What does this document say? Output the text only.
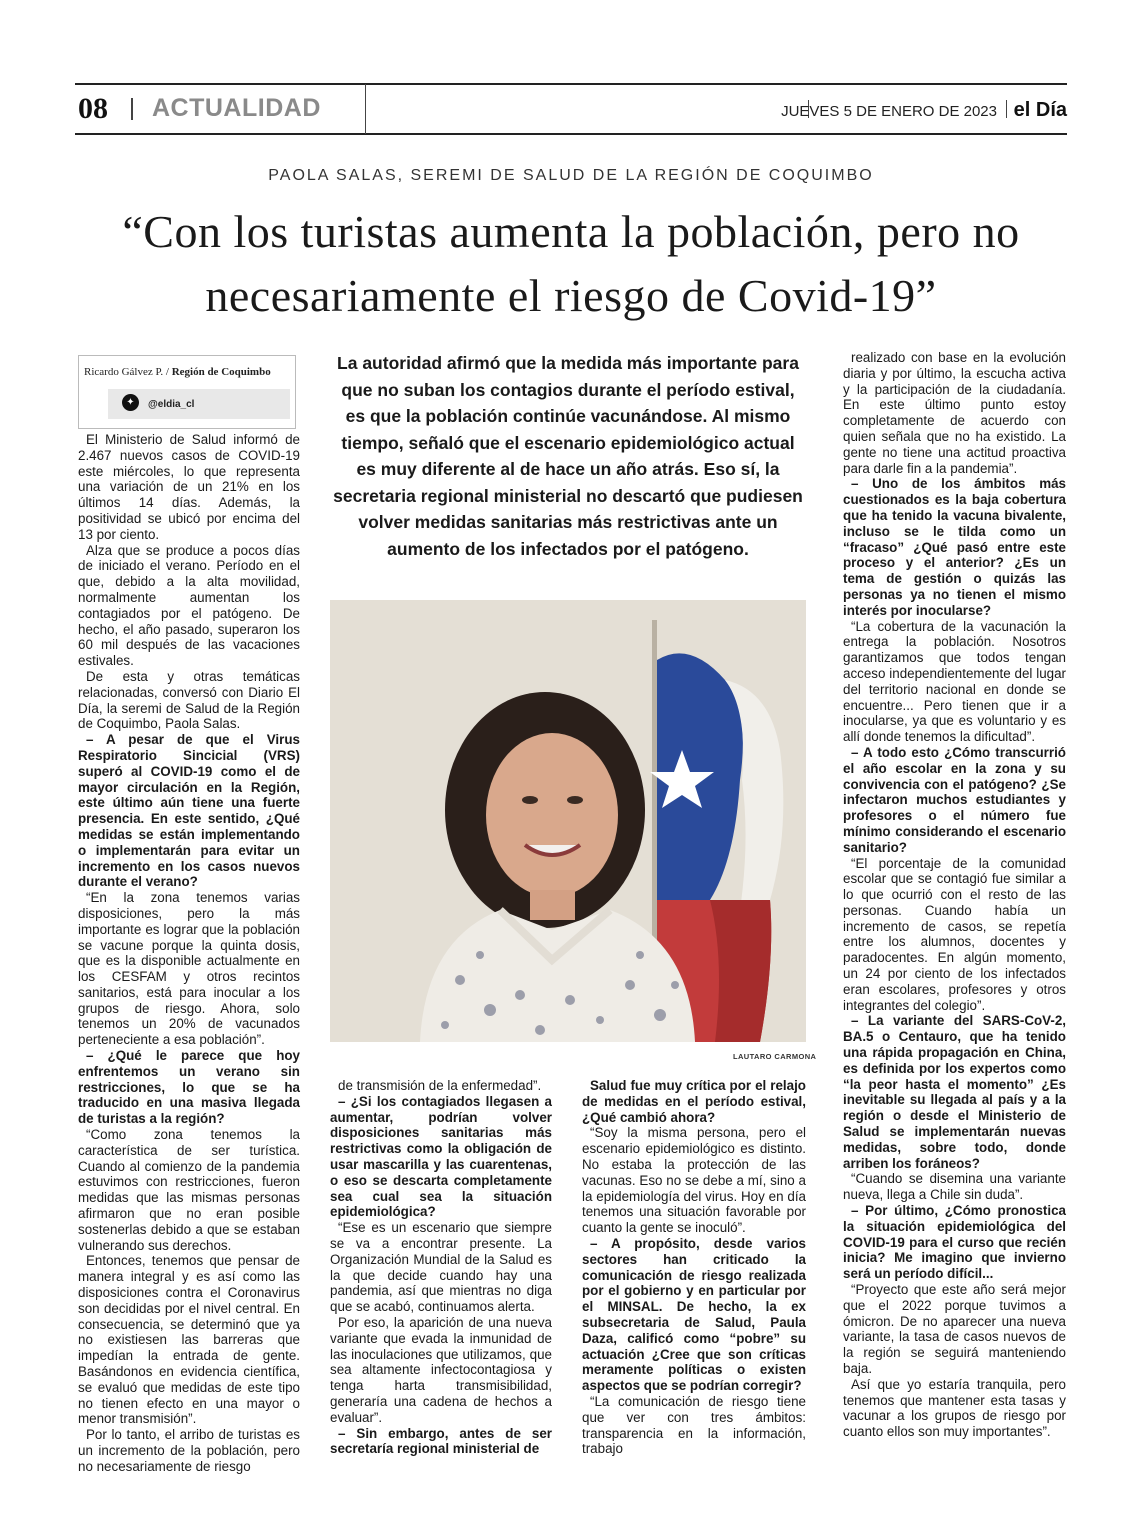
08 ACTUALIDAD	JUEVES 5 DE ENERO DE 2023 el Día
PAOLA SALAS, SEREMI DE SALUD DE LA REGIÓN DE COQUIMBO
“Con los turistas aumenta la población, pero no necesariamente el riesgo de Covid-19”
Ricardo Gálvez P. / Región de Coquimbo
✦	@eldia_cl
La autoridad afirmó que la medida más importante para que no suban los contagios durante el período estival, es que la población continúe vacunándose. Al mismo tiempo, señaló que el escenario epidemiológico actual es muy diferente al de hace un año atrás. Eso sí, la secretaria regional ministerial no descartó que pudiesen volver medidas sanitarias más restrictivas ante un aumento de los infectados por el patógeno.
LAUTARO CARMONA

El Ministerio de Salud informó de 2.467 nuevos casos de COVID-19 este miércoles, lo que representa una variación de un 21% en los últimos 14 días. Además, la positividad se ubicó por encima del 13 por ciento.

Alza que se produce a pocos días de iniciado el verano. Período en el que, debido a la alta movilidad, normalmente aumentan los contagiados por el patógeno. De hecho, el año pasado, superaron los 60 mil después de las vacaciones estivales.

De esta y otras temáticas relacionadas, conversó con Diario El Día, la seremi de Salud de la Región de Coquimbo, Paola Salas.

– A pesar de que el Virus Respiratorio Sincicial (VRS) superó al COVID-19 como el de mayor circulación en la Región, este último aún tiene una fuerte presencia. En este sentido, ¿Qué medidas se están implementando o implementarán para evitar un incremento en los casos nuevos durante el verano?

“En la zona tenemos varias disposiciones, pero la más importante es lograr que la población se vacune porque la quinta dosis, que es la disponible actualmente en los CESFAM y otros recintos sanitarios, está para inocular a los grupos de riesgo. Ahora, solo tenemos un 20% de vacunados perteneciente a esa población”.

– ¿Qué le parece que hoy enfrentemos un verano sin restricciones, lo que se ha traducido en una masiva llegada de turistas a la región?

“Como zona tenemos la característica de ser turística. Cuando al comienzo de la pandemia estuvimos con restricciones, fueron medidas que las mismas personas afirmaron que no eran posible sostenerlas debido a que se estaban vulnerando sus derechos.

Entonces, tenemos que pensar de manera integral y es así como las disposiciones contra el Coronavirus son decididas por el nivel central. En consecuencia, se determinó que ya no existiesen las barreras que impedían la entrada de gente. Basándonos en evidencia científica, se evaluó que medidas de este tipo no tienen efecto en una mayor o menor transmisión”.

Por lo tanto, el arribo de turistas es un incremento de la población, pero no necesariamente de riesgo

de transmisión de la enfermedad”.

– ¿Si los contagiados llegasen a aumentar, podrían volver disposiciones sanitarias más restrictivas como la obligación de usar mascarilla y las cuarentenas, o eso se descarta completamente sea cual sea la situación epidemiológica?

“Ese es un escenario que siempre se va a encontrar presente. La Organización Mundial de la Salud es la que decide cuando hay una pandemia, así que mientras no diga que se acabó, continuamos alerta.

Por eso, la aparición de una nueva variante que evada la inmunidad de las inoculaciones que utilizamos, que sea altamente infectocontagiosa y tenga harta transmisibilidad, generaría una cadena de hechos a evaluar”.

– Sin embargo, antes de ser secretaría regional ministerial de

Salud fue muy crítica por el relajo de medidas en el período estival, ¿Qué cambió ahora?

“Soy la misma persona, pero el escenario epidemiológico es distinto. No estaba la protección de las vacunas. Eso no se debe a mí, sino a la epidemiología del virus. Hoy en día tenemos una situación favorable por cuanto la gente se inoculó”.

– A propósito, desde varios sectores han criticado la comunicación de riesgo realizada por el gobierno y en particular por el MINSAL. De hecho, la ex subsecretaria de Salud, Paula Daza, calificó como “pobre” su actuación ¿Cree que son críticas meramente políticas o existen aspectos que se podrían corregir?

“La comunicación de riesgo tiene que ver con tres ámbitos: transparencia en la información, trabajo

realizado con base en la evolución diaria y por último, la escucha activa y la participación de la ciudadanía. En este último punto estoy completamente de acuerdo con quien señala que no ha existido. La gente no tiene una actitud proactiva para darle fin a la pandemia”.

– Uno de los ámbitos más cuestionados es la baja cobertura que ha tenido la vacuna bivalente, incluso se le tilda como un “fracaso” ¿Qué pasó entre este proceso y el anterior? ¿Es un tema de gestión o quizás las personas ya no tienen el mismo interés por inocularse?

“La cobertura de la vacunación la entrega la población. Nosotros garantizamos que todos tengan acceso independientemente del lugar del territorio nacional en donde se encuentre... Pero tienen que ir a inocularse, ya que es voluntario y es allí donde tenemos la dificultad”.

– A todo esto ¿Cómo transcurrió el año escolar en la zona y su convivencia con el patógeno? ¿Se infectaron muchos estudiantes y profesores o el número fue mínimo considerando el escenario sanitario?

“El porcentaje de la comunidad escolar que se contagió fue similar a lo que ocurrió con el resto de las personas. Cuando había un incremento de casos, se repetía entre los alumnos, docentes y paradocentes. En algún momento, un 24 por ciento de los infectados eran escolares, profesores y otros integrantes del colegio”.

– La variante del SARS-CoV-2, BA.5 o Centauro, que ha tenido una rápida propagación en China, es definida por los expertos como “la peor hasta el momento” ¿Es inevitable su llegada al país y a la región o desde el Ministerio de Salud se implementarán nuevas medidas, sobre todo, donde arriben los foráneos?

“Cuando se disemina una variante nueva, llega a Chile sin duda”.

– Por último, ¿Cómo pronostica la situación epidemiológica del COVID-19 para el curso que recién inicia? Me imagino que invierno será un período difícil...

“Proyecto que este año será mejor que el 2022 porque tuvimos a ómicron. De no aparecer una nueva variante, la tasa de casos nuevos de la región se seguirá manteniendo baja.

Así que yo estaría tranquila, pero tenemos que mantener esta tasas y vacunar a los grupos de riesgo por cuanto ellos son muy importantes”.
